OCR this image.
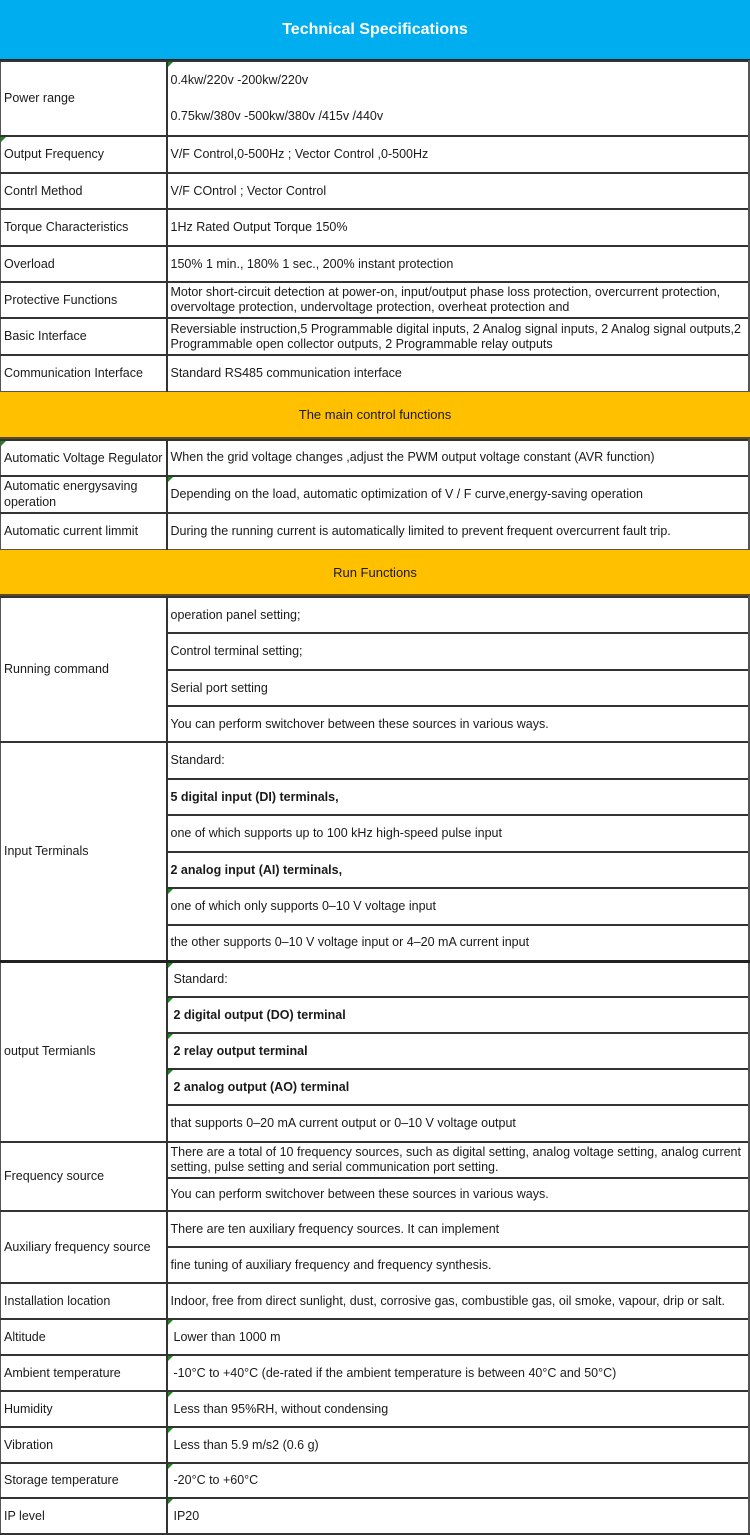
Technical Specifications
Power range	0.4kw/220v -200kw/220v
0.75kw/380v -500kw/380v /415v /440v

Output Frequency	V/F Control,0-500Hz ; Vector Control ,0-500Hz
Contrl Method	V/F COntrol ; Vector Control
Torque Characteristics	1Hz Rated Output Torque 150%
Overload	150% 1 min., 180% 1 sec., 200% instant protection
Protective Functions	Motor short-circuit detection at power-on, input/output phase loss protection, overcurrent protection, overvoltage protection, undervoltage protection, overheat protection and
Basic Interface	Reversiable instruction,5 Programmable digital inputs, 2 Analog signal inputs, 2 Analog signal outputs,2 Programmable open collector outputs, 2 Programmable relay outputs
Communication Interface	Standard RS485 communication interface
The main control functions
Automatic Voltage Regulator	When the grid voltage changes ,adjust the PWM output voltage constant (AVR function)
Automatic energysaving operation	Depending on the load, automatic optimization of V / F curve,energy-saving operation
Automatic current limmit	During the running current is automatically limited to prevent frequent overcurrent fault trip.
Run Functions
Running command	operation panel setting;
	Control terminal setting;
	Serial port setting
	You can perform switchover between these sources in various ways.
Input Terminals	Standard:
	5 digital input (DI) terminals,
	one of which supports up to 100 kHz high-speed pulse input
	2 analog input (AI) terminals,
	one of which only supports 0–10 V voltage input
	the other supports 0–10 V voltage input or 4–20 mA current input
output Termianls	Standard:
	2 digital output (DO) terminal
	2 relay output terminal
	2 analog output (AO) terminal
	that supports 0–20 mA current output or 0–10 V voltage output
Frequency source	There are a total of 10 frequency sources, such as digital setting, analog voltage setting, analog current setting, pulse setting and serial communication port setting.
	You can perform switchover between these sources in various ways.
Auxiliary frequency source	There are ten auxiliary frequency sources. It can implement
	fine tuning of auxiliary frequency and frequency synthesis.
Installation location	Indoor, free from direct sunlight, dust, corrosive gas, combustible gas, oil smoke, vapour, drip or salt.
Altitude	Lower than 1000 m
Ambient temperature	-10°C to +40°C (de-rated if the ambient temperature is between 40°C and 50°C)
Humidity	Less than 95%RH, without condensing
Vibration	Less than 5.9 m/s2 (0.6 g)
Storage temperature	-20°C to +60°C
IP level	IP20
